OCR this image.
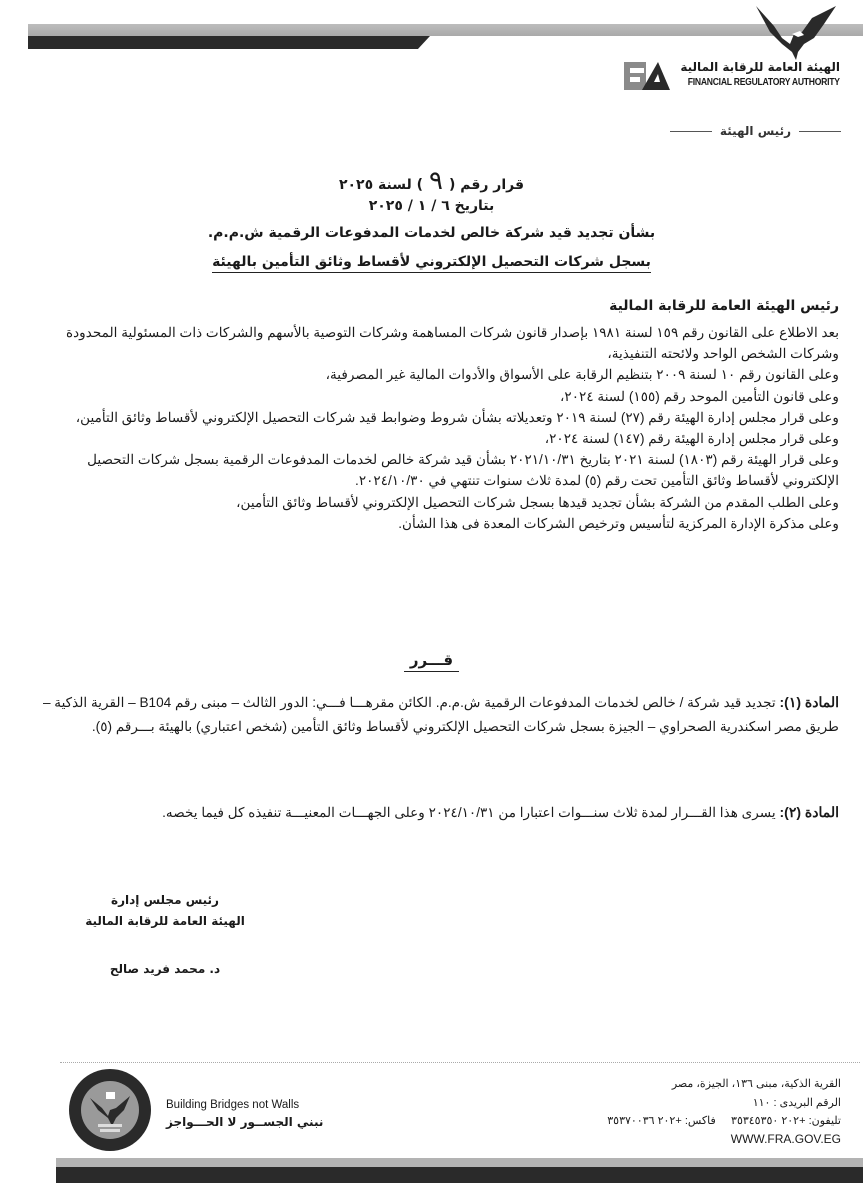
الهيئة العامة للرقابة المالية
FINANCIAL REGULATORY AUTHORITY
رئيس الهيئة
قرار رقم (٩) لسنة ٢٠٢٥
بتاريخ ٦ / ١ / ٢٠٢٥
بشأن تجديد قيد شركة خالص لخدمات المدفوعات الرقمية ش.م.م.
بسجل شركات التحصيل الإلكتروني لأقساط وثائق التأمين بالهيئة
رئيس الهيئة العامة للرقابة المالية

بعد الاطلاع على القانون رقم ١٥٩ لسنة ١٩٨١ بإصدار قانون شركات المساهمة وشركات التوصية بالأسهم والشركات ذات المسئولية المحدودة وشركات الشخص الواحد ولائحته التنفيذية،

وعلى القانون رقم ١٠ لسنة ٢٠٠٩ بتنظيم الرقابة على الأسواق والأدوات المالية غير المصرفية،

وعلى قانون التأمين الموحد رقم (١٥٥) لسنة ٢٠٢٤،

وعلى قرار مجلس إدارة الهيئة رقم (٢٧) لسنة ٢٠١٩ وتعديلاته بشأن شروط وضوابط قيد شركات التحصيل الإلكتروني لأقساط وثائق التأمين،

وعلى قرار مجلس إدارة الهيئة رقم (١٤٧) لسنة ٢٠٢٤،

وعلى قرار الهيئة رقم (١٨٠٣) لسنة ٢٠٢١ بتاريخ ٢٠٢١/١٠/٣١ بشأن قيد شركة خالص لخدمات المدفوعات الرقمية بسجل شركات التحصيل الإلكتروني لأقساط وثائق التأمين تحت رقم (٥) لمدة ثلاث سنوات تنتهي في ٢٠٢٤/١٠/٣٠.

وعلى الطلب المقدم من الشركة بشأن تجديد قيدها بسجل شركات التحصيل الإلكتروني لأقساط وثائق التأمين،

وعلى مذكرة الإدارة المركزية لتأسيس وترخيص الشركات المعدة فى هذا الشأن.

قـــرر
المادة (١): تجديد قيد شركة / خالص لخدمات المدفوعات الرقمية ش.م.م. الكائن مقرهـــا فـــي: الدور الثالث – مبنى رقم B104 – القرية الذكية – طريق مصر اسكندرية الصحراوي – الجيزة بسجل شركات التحصيل الإلكتروني لأقساط وثائق التأمين (شخص اعتباري) بالهيئة بـــرقم (٥).
المادة (٢): يسرى هذا القـــرار لمدة ثلاث سنـــوات اعتبارا من ٢٠٢٤/١٠/٣١ وعلى الجهـــات المعنيـــة تنفيذه كل فيما يخصه.
رئيس مجلس إدارة
الهيئة العامة للرقابة المالية
د. محمد فريد صالح
Building Bridges not Walls
نبني الجســور لا الحـــواجز
القرية الذكية، مبنى ١٣٦، الجيزة، مصر
الرقم البريدى : ١١٠
تليفون: +٢٠٢ ٣٥٣٤٥٣٥٠     فاكس: +٢٠٢ ٣٥٣٧٠٠٣٦
WWW.FRA.GOV.EG
